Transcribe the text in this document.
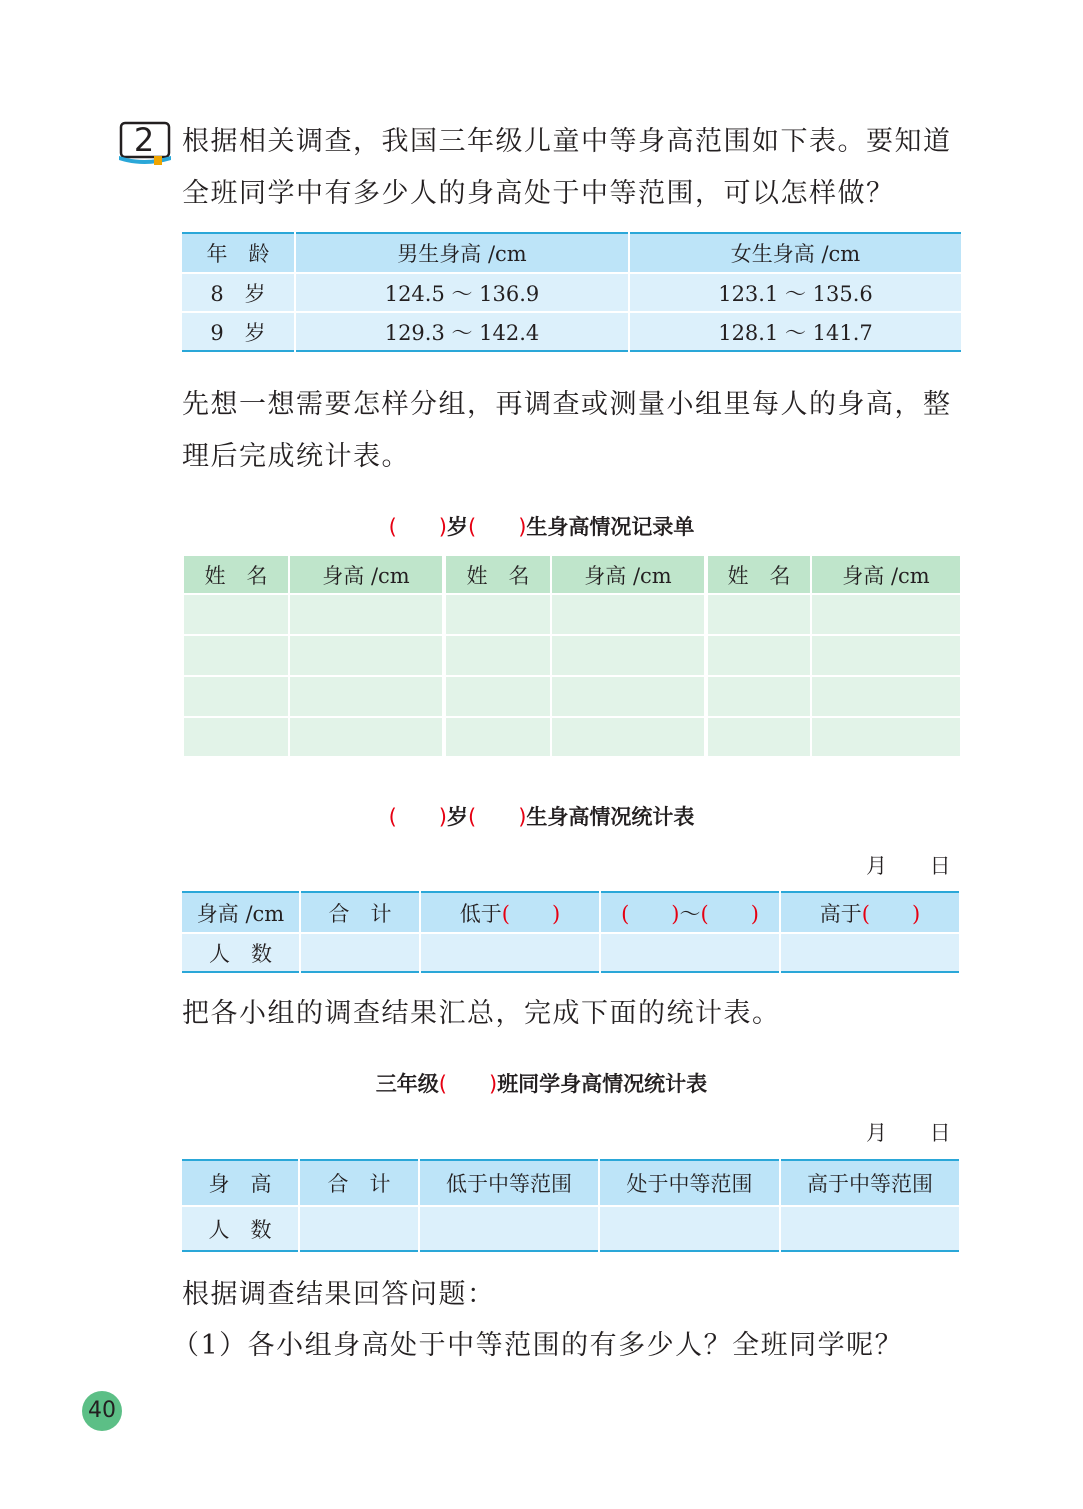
2	根据相关调查，我国三年级儿童中等身高范围如下表。要知道
全班同学中有多少人的身高处于中等范围，可以怎样做？
年　龄	男生身高 /cm	女生身高 /cm
8　岁	124.5 ～ 136.9	123.1 ～ 135.6
9　岁	129.3 ～ 142.4	128.1 ～ 141.7
先想一想需要怎样分组，再调查或测量小组里每人的身高，整
理后完成统计表。
(　　)岁(　　)生身高情况记录单
姓　名	身高 /cm	姓　名	身高 /cm	姓　名	身高 /cm

(　　)岁(　　)生身高情况统计表
月 日
身高 /cm	合　计	低于(　　)	(　　)～(　　)	高于(　　)
人　数				
把各小组的调查结果汇总，完成下面的统计表。
三年级(　　)班同学身高情况统计表
月 日
身　高	合　计	低于中等范围	处于中等范围	高于中等范围
人　数				
根据调查结果回答问题：
（1）各小组身高处于中等范围的有多少人？全班同学呢？
40
